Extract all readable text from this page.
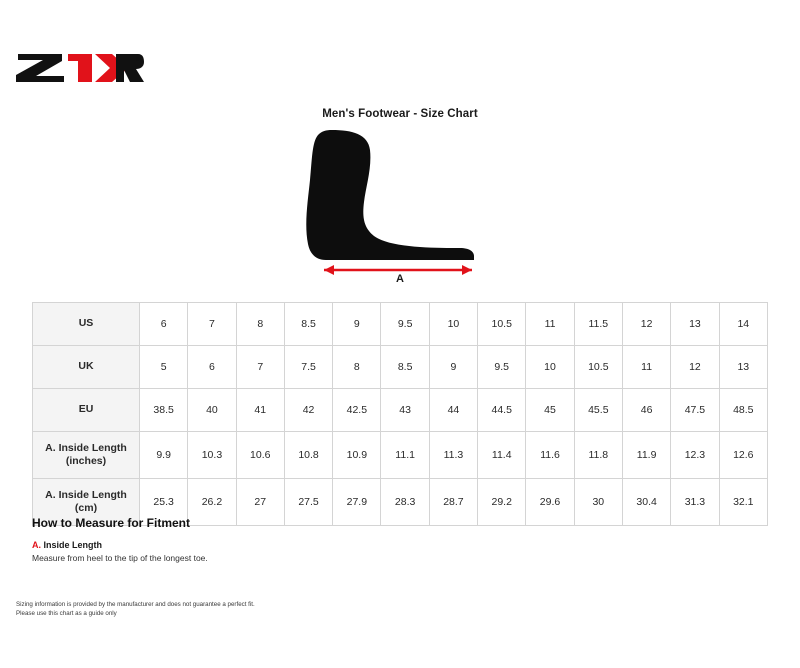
®
Men's Footwear - Size Chart
A
US	6	7	8	8.5	9	9.5	10	10.5	11	11.5	12	13	14
UK	5	6	7	7.5	8	8.5	9	9.5	10	10.5	11	12	13
EU	38.5	40	41	42	42.5	43	44	44.5	45	45.5	46	47.5	48.5
A. Inside Length (inches)	9.9	10.3	10.6	10.8	10.9	11.1	11.3	11.4	11.6	11.8	11.9	12.3	12.6
A. Inside Length (cm)	25.3	26.2	27	27.5	27.9	28.3	28.7	29.2	29.6	30	30.4	31.3	32.1
How to Measure for Fitment
A. Inside Length
Measure from heel to the tip of the longest toe.
Sizing information is provided by the manufacturer and does not guarantee a perfect fit.
Please use this chart as a guide only
